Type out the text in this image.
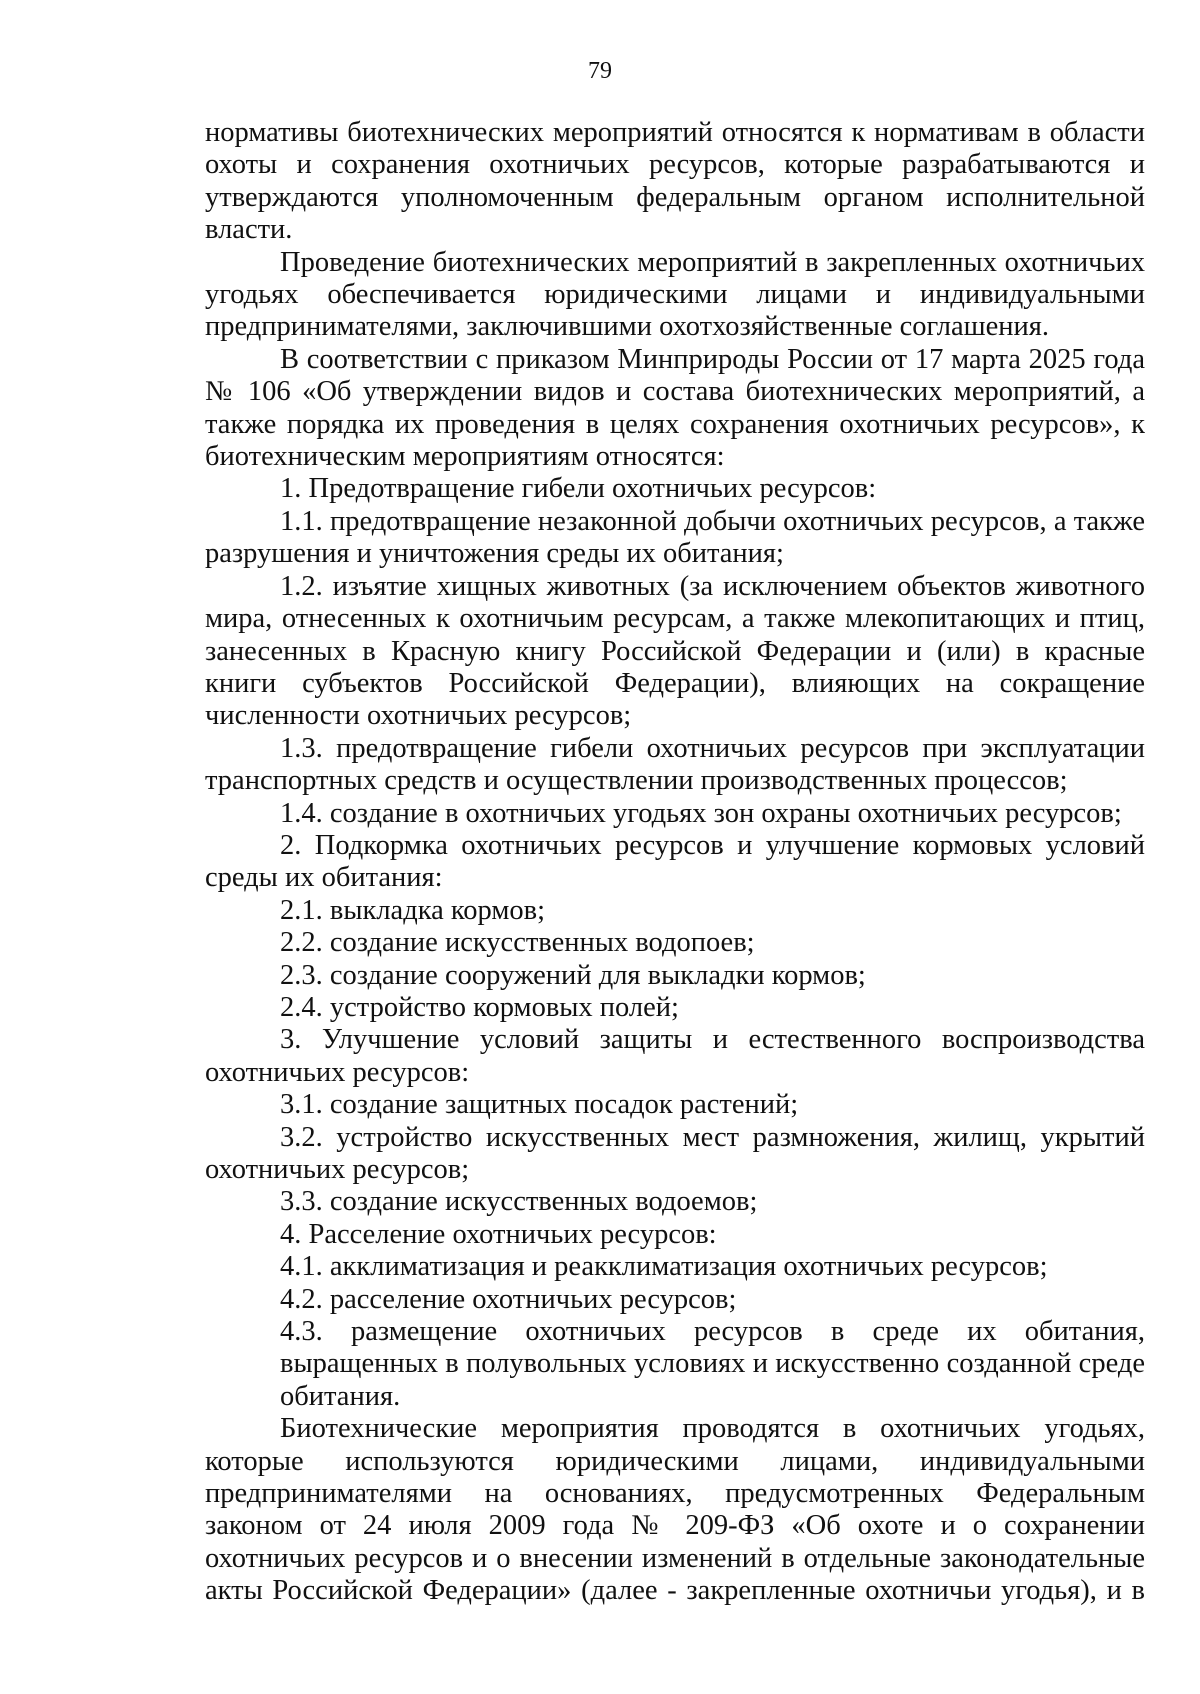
79

нормативы биотехнических мероприятий относятся к нормативам в области охоты и сохранения охотничьих ресурсов, которые разрабатываются и утверждаются уполномоченным федеральным органом исполнительной власти.

Проведение биотехнических мероприятий в закрепленных охотничьих угодьях обеспечивается юридическими лицами и индивидуальными предпринимателями, заключившими охотхозяйственные соглашения.

В соответствии с приказом Минприроды России от 17 марта 2025 года № 106 «Об утверждении видов и состава биотехнических мероприятий, а также порядка их проведения в целях сохранения охотничьих ресурсов», к биотехническим мероприятиям относятся:

1. Предотвращение гибели охотничьих ресурсов:

1.1. предотвращение незаконной добычи охотничьих ресурсов, а также разрушения и уничтожения среды их обитания;

1.2. изъятие хищных животных (за исключением объектов животного мира, отнесенных к охотничьим ресурсам, а также млекопитающих и птиц, занесенных в Красную книгу Российской Федерации и (или) в красные книги субъектов Российской Федерации), влияющих на сокращение численности охотничьих ресурсов;

1.3. предотвращение гибели охотничьих ресурсов при эксплуатации транспортных средств и осуществлении производственных процессов;

1.4. создание в охотничьих угодьях зон охраны охотничьих ресурсов;

2. Подкормка охотничьих ресурсов и улучшение кормовых условий среды их обитания:

2.1. выкладка кормов;

2.2. создание искусственных водопоев;

2.3. создание сооружений для выкладки кормов;

2.4. устройство кормовых полей;

3. Улучшение условий защиты и естественного воспроизводства охотничьих ресурсов:

3.1. создание защитных посадок растений;

3.2. устройство искусственных мест размножения, жилищ, укрытий охотничьих ресурсов;

3.3. создание искусственных водоемов;

4. Расселение охотничьих ресурсов:

4.1. акклиматизация и реакклиматизация охотничьих ресурсов;

4.2. расселение охотничьих ресурсов;

4.3. размещение охотничьих ресурсов в среде их обитания, выращенных в полувольных условиях и искусственно созданной среде обитания.

Биотехнические мероприятия проводятся в охотничьих угодьях, которые используются юридическими лицами, индивидуальными предпринимателями на основаниях, предусмотренных Федеральным законом от 24 июля 2009 года № 209-ФЗ «Об охоте и о сохранении охотничьих ресурсов и о внесении изменений в отдельные законодательные акты Российской Федерации» (далее - закрепленные охотничьи угодья), и в
